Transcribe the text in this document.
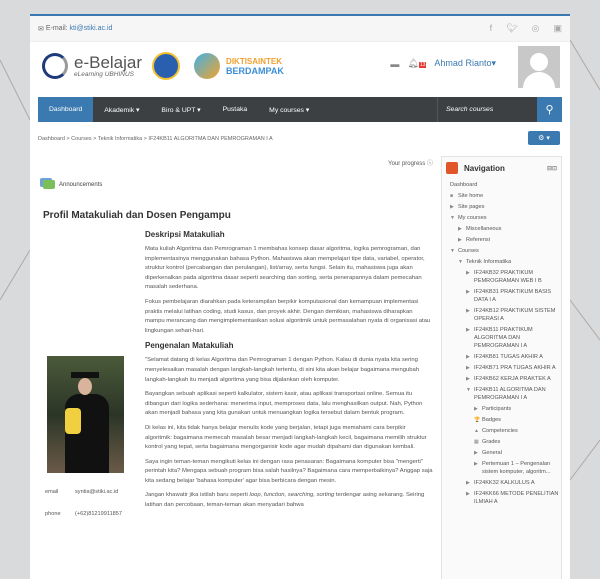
✉ E-mail:
kti@stiki.ac.id	f 🐦︎ ◎ ▣
e-Belajar
eLearning UBHINUS
DIKTISAINTEK
BERDAMPAK
▬ 🔔︎13 Ahmad Rianto▾
Dashboard	Akademik ▾	Biro & UPT ▾	Pustaka	My courses ▾	Search courses	⚲
Dashboard > Courses > Teknik Informatika > IF24KB11 ALGORITMA DAN PEMROGRAMAN I A	⚙ ▾
Your progress ⓘ
Announcements
Profil Matakuliah dan Dosen Pengampu
email	syntia@stiki.ac.id
phone	(+62)81219911857
Deskripsi Matakuliah

Mata kuliah Algoritma dan Pemrograman 1 membahas konsep dasar algoritma, logika pemrograman, dan implementasinya menggunakan bahasa Python. Mahasiswa akan mempelajari tipe data, variabel, operator, struktur kontrol (percabangan dan perulangan), list/array, serta fungsi. Selain itu, mahasiswa juga akan diperkenalkan pada algoritma dasar seperti searching dan sorting, serta penerapannya dalam pemecahan masalah sederhana.

Fokus pembelajaran diarahkan pada keterampilan berpikir komputasional dan kemampuan implementasi praktis melalui latihan coding, studi kasus, dan proyek akhir. Dengan demikian, mahasiswa diharapkan mampu merancang dan mengimplementasikan solusi algoritmik untuk permasalahan nyata di organisasi atau lingkungan sehari-hari.

Pengenalan Matakuliah

"Selamat datang di kelas Algoritma dan Pemrograman 1 dengan Python. Kalau di dunia nyata kita sering menyelesaikan masalah dengan langkah-langkah tertentu, di sini kita akan belajar bagaimana mengubah langkah-langkah itu menjadi algoritma yang bisa dijalankan oleh komputer.

Bayangkan sebuah aplikasi seperti kalkulator, sistem kasir, atau aplikasi transportasi online. Semua itu dibangun dari logika sederhana: menerima input, memproses data, lalu menghasilkan output. Nah, Python akan menjadi bahasa yang kita gunakan untuk menuangkan logika tersebut dalam bentuk program.

Di kelas ini, kita tidak hanya belajar menulis kode yang berjalan, tetapi juga memahami cara berpikir algoritmik: bagaimana memecah masalah besar menjadi langkah-langkah kecil, bagaimana memilih struktur kontrol yang tepat, serta bagaimana mengorganisir kode agar mudah dipahami dan digunakan kembali.

Saya ingin teman-teman mengikuti kelas ini dengan rasa penasaran: Bagaimana komputer bisa "mengerti" perintah kita? Mengapa sebuah program bisa salah hasilnya? Bagaimana cara memperbaikinya? Anggap saja kita sedang belajar 'bahasa komputer' agar bisa berbicara dengan mesin.

Jangan khawatir jika istilah baru seperti loop, function, searching, sorting terdengar asing sekarang. Seiring latihan dan percobaan, teman-teman akan menyadari bahwa

Navigation	⊟⊡
Dashboard
■ Site home
▶ Site pages
▼ My courses
▶ Miscellaneous
▶ Referensi
▼ Courses
▼ Teknik Informatika
▶ IF24KB32 PRAKTIKUM PEMROGRAMAN WEB I B
▶ IF24KB31 PRAKTIKUM BASIS DATA I A
▶ IF24KB12 PRAKTIKUM SISTEM OPERASI A
▶ IF24KB11 PRAKTIKUM ALGORITMA DAN PEMROGRAMAN I A
▶ IF24KB81 TUGAS AKHIR A
▶ IF24KB71 PRA TUGAS AKHIR A
▶ IF24KB62 KERJA PRAKTEK A
▼ IF24KB11 ALGORITMA DAN PEMROGRAMAN I A
▶ Participants
🏆 Badges
▲ Competencies
▦ Grades
▶ General
▶ Pertemuan 1 – Pengenalan sistem komputer, algoritm...
▶ IF24KK32 KALKULUS A
▶ IF24KK66 METODE PENELITIAN ILMIAH A
